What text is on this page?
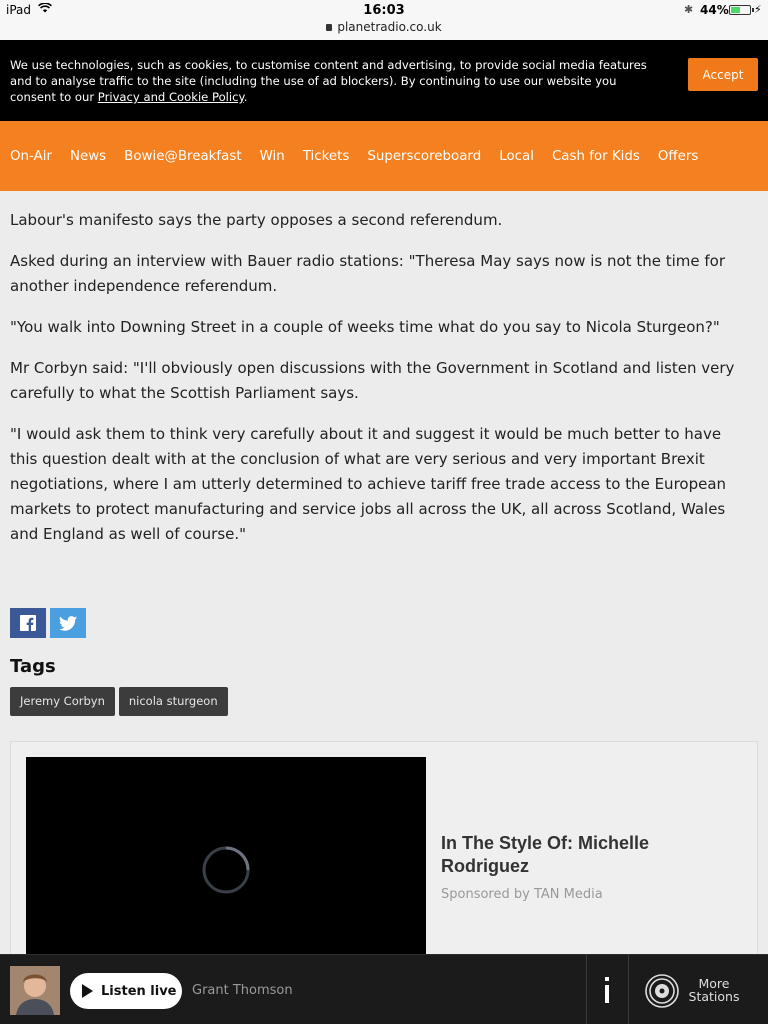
iPad	16:03
planetradio.co.uk
✱ 44% ⚡
We use technologies, such as cookies, to customise content and advertising, to provide social media features and to analyse traffic to the site (including the use of ad blockers). By continuing to use our website you consent to our Privacy and Cookie Policy.
Accept
On-Air News Bowie@Breakfast Win Tickets Superscoreboard Local Cash for Kids Offers

Labour's manifesto says the party opposes a second referendum.

Asked during an interview with Bauer radio stations: "Theresa May says now is not the time for another independence referendum.

"You walk into Downing Street in a couple of weeks time what do you say to Nicola Sturgeon?"

Mr Corbyn said: "I'll obviously open discussions with the Government in Scotland and listen very carefully to what the Scottish Parliament says.

"I would ask them to think very carefully about it and suggest it would be much better to have this question dealt with at the conclusion of what are very serious and very important Brexit negotiations, where I am utterly determined to achieve tariff free trade access to the European markets to protect manufacturing and service jobs all across the UK, all across Scotland, Wales and England as well of course."

Tags
Jeremy Corbyn	nicola sturgeon
In The Style Of: Michelle Rodriguez
Sponsored by TAN Media
Listen live Grant Thomson	More
Stations
